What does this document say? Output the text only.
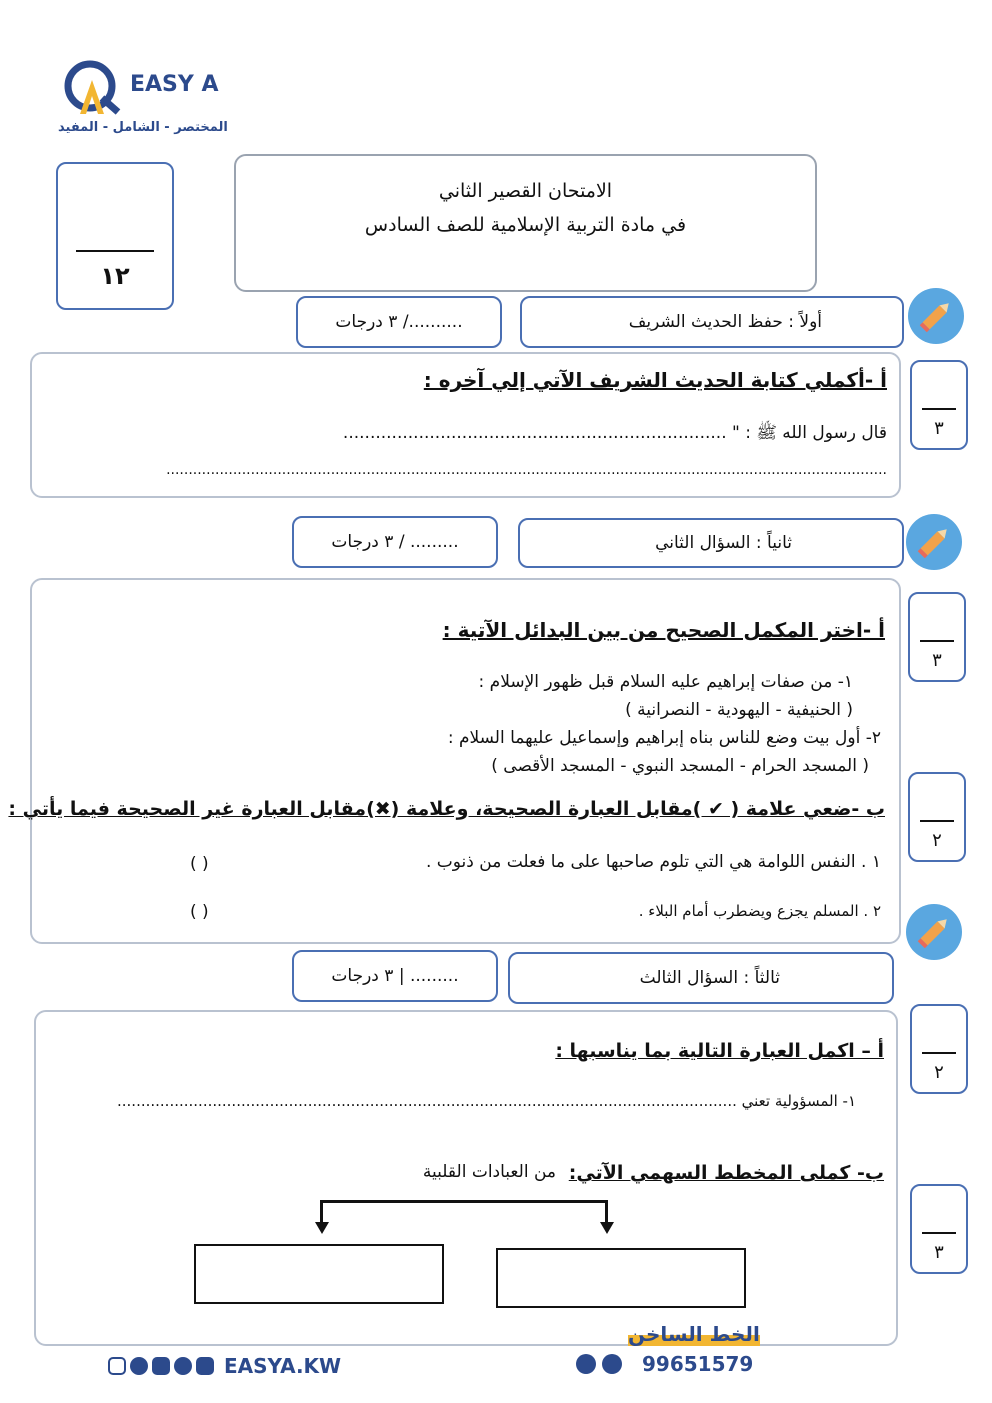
EASY A
المختصر - الشامل - المفيد
١٢
الامتحان القصير الثاني
في مادة التربية الإسلامية للصف السادس
أولاً : حفظ الحديث الشريف
........../ ٣ درجات
أ -أكملي كتابة الحديث الشريف الآتي إلي آخره :
قال رسول الله ﷺ : " .......................................................................
..................................................................................................................................................................
٣
ثانياً : السؤال الثاني
......... / ٣ درجات
أ -اختر المكمل الصحيح من بين البدائل الآتية :
١- من صفات إبراهيم عليه السلام قبل ظهور الإسلام :
( الحنيفية - اليهودية - النصرانية )
٢- أول بيت وضع للناس بناه إبراهيم وإسماعيل عليهما السلام :
( المسجد الحرام - المسجد النبوي - المسجد الأقصى )
ب -ضعي علامة ( ✔ )مقابل العبارة الصحيحة، وعلامة (✖)مقابل العبارة غير الصحيحة فيما يأتي :
١ . النفس اللوامة هي التي تلوم صاحبها على ما فعلت من ذنوب .
( )
٢ . المسلم يجزع ويضطرب أمام البلاء .
( )
٣
٢
ثالثاً : السؤال الثالث
......... | ٣ درجات
أ – اكمل العبارة التالية بما يناسبها :
١- المسؤولية تعني ..................................................................................................................................
ب- كملى المخطط السهمي الآتي:
من العبادات القلبية
٢
٣
الخط الساخن
99651579
EASYA.KW
